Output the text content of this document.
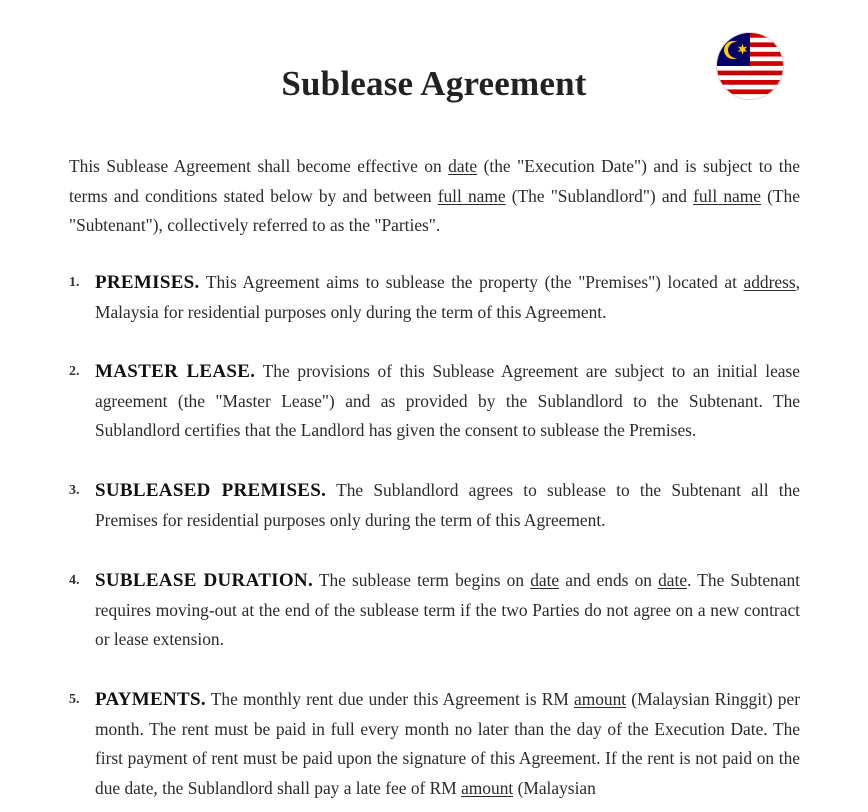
Sublease Agreement

This Sublease Agreement shall become effective on date (the "Execution Date") and is subject to the terms and conditions stated below by and between full name (The "Sublandlord") and full name (The "Subtenant"), collectively referred to as the "Parties".

1. PREMISES. This Agreement aims to sublease the property (the "Premises") located at address, Malaysia for residential purposes only during the term of this Agreement.

2. MASTER LEASE. The provisions of this Sublease Agreement are subject to an initial lease agreement (the "Master Lease") and as provided by the Sublandlord to the Subtenant. The Sublandlord certifies that the Landlord has given the consent to sublease the Premises.

3. SUBLEASED PREMISES. The Sublandlord agrees to sublease to the Subtenant all the Premises for residential purposes only during the term of this Agreement.

4. SUBLEASE DURATION. The sublease term begins on date and ends on date. The Subtenant requires moving-out at the end of the sublease term if the two Parties do not agree on a new contract or lease extension.

5. PAYMENTS. The monthly rent due under this Agreement is RM amount (Malaysian Ringgit) per month. The rent must be paid in full every month no later than the day of the Execution Date. The first payment of rent must be paid upon the signature of this Agreement. If the rent is not paid on the due date, the Sublandlord shall pay a late fee of RM amount (Malaysian
